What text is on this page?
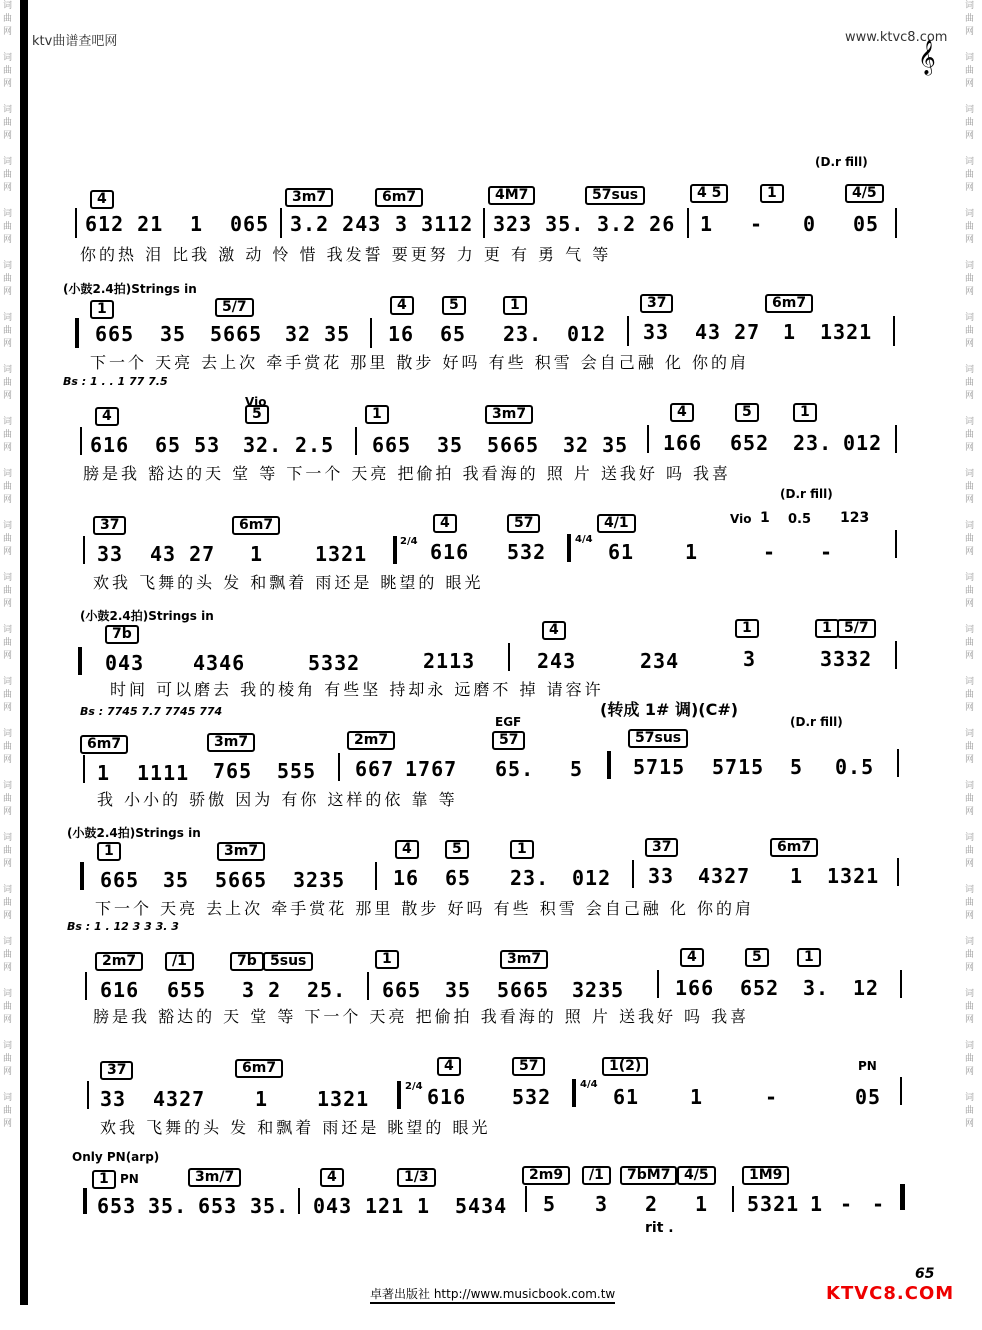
词
曲
网

词
曲
网

词
曲
网

词
曲
网

词
曲
网

词
曲
网

词
曲
网

词
曲
网

词
曲
网

词
曲
网

词
曲
网

词
曲
网

词
曲
网

词
曲
网

词
曲
网

词
曲
网

词
曲
网

词
曲
网

词
曲
网

词
曲
网

词
曲
网

词
曲
网

词
曲
网

词
曲
网

词
曲
网

词
曲
网

词
曲
网

词
曲
网

词
曲
网

词
曲
网

词
曲
网

词
曲
网

词
曲
网

词
曲
网

词
曲
网

词
曲
网

词
曲
网

词
曲
网

词
曲
网

词
曲
网

词
曲
网

词
曲
网

词
曲
网

词
曲
网

ktv曲谱查吧网	www.ktvc8.com
𝄞
(D.r fill)
4	3m7	6m7	4M7	57sus	4 5	1	4/5
612 21 1 065 3.2 243 3 3112 323 35. 3.2 26 1 - 0 05
你的热 泪 比我 激 动 怜 惜 我发誓 要更努 力 更 有 勇 气 等
(小鼓2.4拍)Strings in
1	5/7	4	5	1	37	6m7
665 35 5665 32 35 16 65 23. 012 33 43 27 1 1321
下一个 天亮 去上次 牵手赏花 那里 散步 好吗 有些 积雪 会自己融 化 你的肩
Bs : 1 . . 1 77 7.5
4
Vio
5	1	3m7	4	5	1
616 65 53 32. 2.5 665 35 5665 32 35 166 652 23. 012
膀是我 豁达的天 堂 等 下一个 天亮 把偷拍 我看海的 照 片 送我好 吗 我喜
(D.r fill)
37	6m7	4	57	4/1	Vio 1 0.5 123
33 43 27 1	1321
2/4 616 532
4/4
61	1	- -
欢我 飞舞的头 发 和飘着 雨还是 眺望的 眼光
(小鼓2.4拍)Strings in
7b	4	1	1 5/7
043 4346	5332	2113	243	234	3	3332
时间 可以磨去 我的棱角 有些坚 持却永 远磨不 掉 请容许
Bs : 7745 7.7 7745 774	(转成 1# 调)(C#)
EGF	(D.r fill)
6m7	3m7	2m7	57	57sus
1 1111 765 555 667 1767 65. 5 5715 5715 5 0.5
我 小小的 骄傲 因为 有你 这样的依 靠 等
(小鼓2.4拍)Strings in
1	3m7	4	5	1	37	6m7
665 35 5665 3235 16 65 23. 012 33 4327 1 1321
下一个 天亮 去上次 牵手赏花 那里 散步 好吗 有些 积雪 会自己融 化 你的肩
Bs : 1 . 12 3 3 3. 3
2m7	/1	7b 5sus	1	3m7	4	5	1
616 655 3 2 25. 665 35 5665 3235	166 652 3. 12
膀是我 豁达的 天 堂 等 下一个 天亮 把偷拍 我看海的 照 片 送我好 吗 我喜
PN
37	6m7	4	57	1(2)
33 4327 1 1321
2/4 616 532
4/4
61	1	-	05
欢我 飞舞的头 发 和飘着 雨还是 眺望的 眼光
Only PN(arp)
1 PN	3m/7	4	1/3	2m9	/1	7bM7 4/5	1M9
653 35. 653 35. 043 121 1 5434 5 3 2 1 5321 1 - -
rit .
卓著出版社 http://www.musicbook.com.tw
65
KTVC8.COM
